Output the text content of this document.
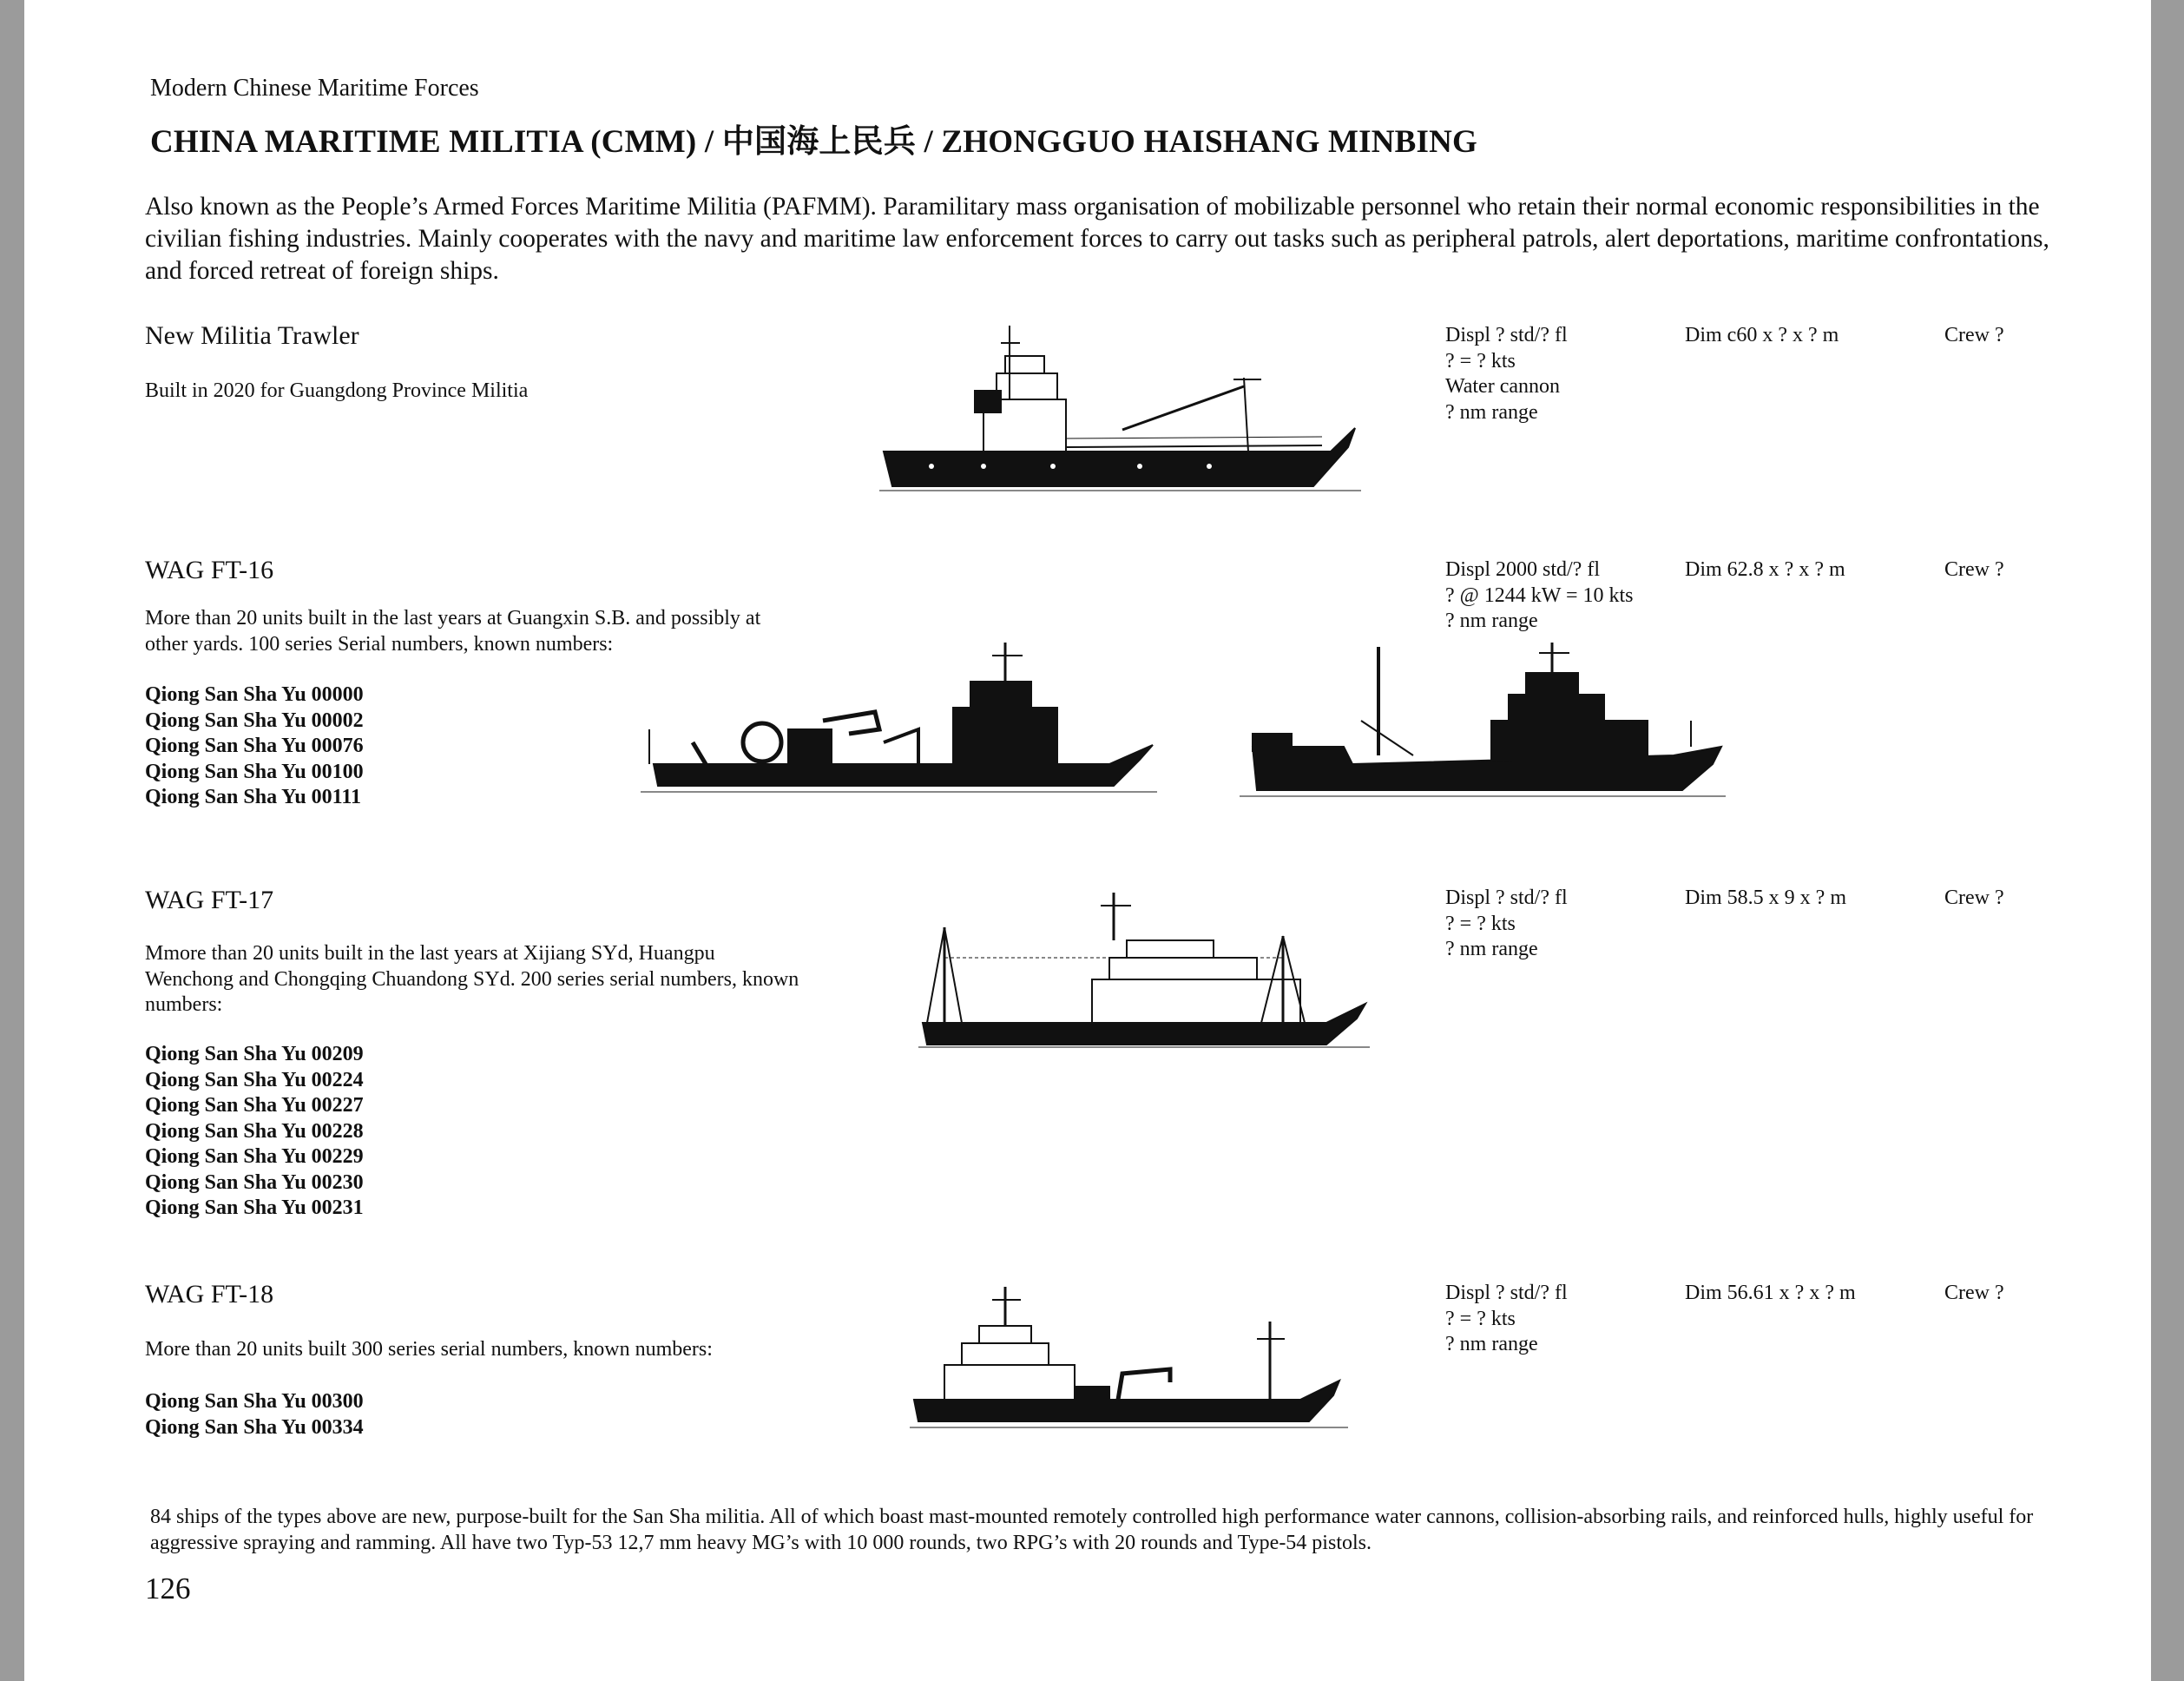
Modern Chinese Maritime Forces
CHINA MARITIME MILITIA (CMM) / 中国海上民兵 / ZHONGGUO HAISHANG MINBING
Also known as the People’s Armed Forces Maritime Militia (PAFMM). Paramilitary mass organisation of mobilizable personnel who retain their normal economic responsibilities in the civilian fishing industries. Mainly cooperates with the navy and maritime law enforcement forces to carry out tasks such as peripheral patrols, alert deportations, maritime confrontations, and forced retreat of foreign ships.
New Militia Trawler
Built in 2020 for Guangdong Province Militia
Displ ? std/? fl
? = ? kts
Water cannon
? nm range
Dim c60 x ? x ? m	Crew ?
WAG FT-16
More than 20 units built in the last years at Guangxin S.B. and possibly at other yards. 100 series Serial numbers, known numbers:
Qiong San Sha Yu 00000
Qiong San Sha Yu 00002
Qiong San Sha Yu 00076
Qiong San Sha Yu 00100
Qiong San Sha Yu 00111
Displ 2000 std/? fl
? @ 1244 kW = 10 kts
? nm range
Dim 62.8 x ? x ? m	Crew ?
WAG FT-17
Mmore than 20 units built in the last years at Xijiang SYd, Huangpu Wenchong and Chongqing Chuandong SYd. 200 series serial numbers, known numbers:
Qiong San Sha Yu 00209
Qiong San Sha Yu 00224
Qiong San Sha Yu 00227
Qiong San Sha Yu 00228
Qiong San Sha Yu 00229
Qiong San Sha Yu 00230
Qiong San Sha Yu 00231
Displ ? std/? fl
? = ? kts
? nm range
Dim 58.5 x 9 x ? m	Crew ?
WAG FT-18
More than 20 units built 300 series serial numbers, known numbers:
Qiong San Sha Yu 00300
Qiong San Sha Yu 00334
Displ ? std/? fl
? = ? kts
? nm range
Dim 56.61 x ? x ? m	Crew ?
84 ships of the types above are new, purpose-built for the San Sha militia. All of which boast mast-mounted remotely controlled high performance water cannons, collision-absorbing rails, and reinforced hulls, highly useful for aggressive spraying and ramming. All have two Typ-53 12,7 mm heavy MG’s with 10 000 rounds, two RPG’s with 20 rounds and Type-54 pistols.
126
